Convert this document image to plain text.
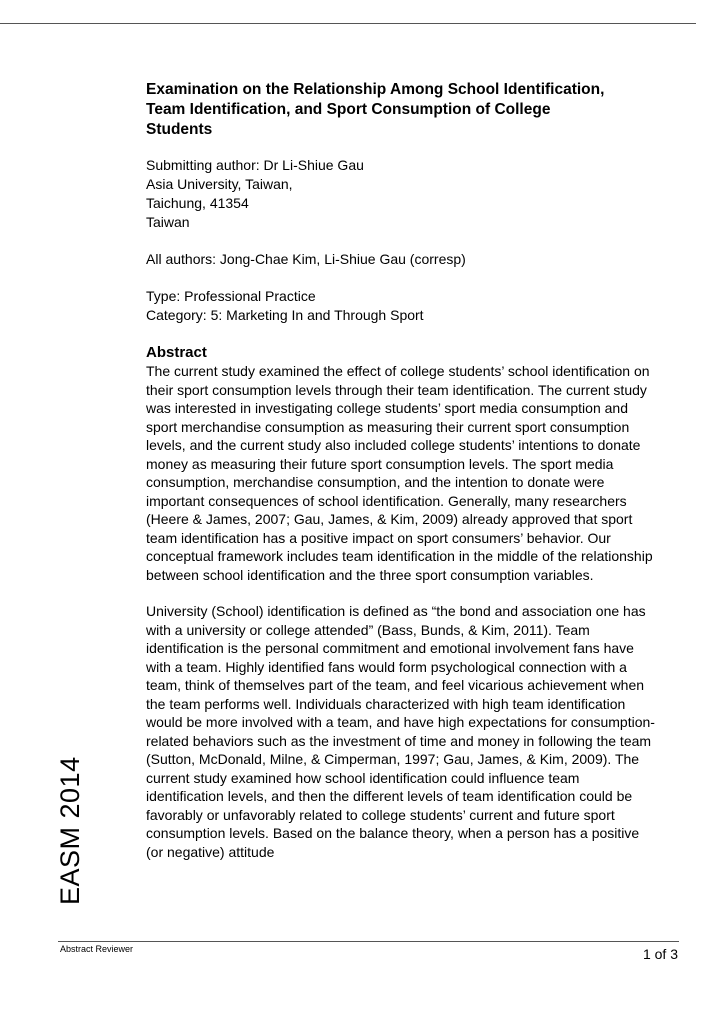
Examination on the Relationship Among School Identification,
Team Identification, and Sport Consumption of College
Students
Submitting author: Dr Li-Shiue Gau
Asia University, Taiwan,
Taichung, 41354
Taiwan
All authors: Jong-Chae Kim, Li-Shiue Gau (corresp)
Type: Professional Practice
Category: 5: Marketing In and Through Sport
Abstract

The current study examined the effect of college students’ school identification on their sport consumption levels through their team identification. The current study was interested in investigating college students’ sport media consumption and sport merchandise consumption as measuring their current sport consumption levels, and the current study also included college students’ intentions to donate money as measuring their future sport consumption levels. The sport media consumption, merchandise consumption, and the intention to donate were important consequences of school identification. Generally, many researchers (Heere & James, 2007; Gau, James, & Kim, 2009) already approved that sport team identification has a positive impact on sport consumers’ behavior. Our conceptual framework includes team identification in the middle of the relationship between school identification and the three sport consumption variables.

University (School) identification is defined as “the bond and association one has with a university or college attended” (Bass, Bunds, & Kim, 2011). Team identification is the personal commitment and emotional involvement fans have with a team. Highly identified fans would form psychological connection with a team, think of themselves part of the team, and feel vicarious achievement when the team performs well. Individuals characterized with high team identification would be more involved with a team, and have high expectations for consumption-related behaviors such as the investment of time and money in following the team (Sutton, McDonald, Milne, & Cimperman, 1997; Gau, James, & Kim, 2009). The current study examined how school identification could influence team identification levels, and then the different levels of team identification could be favorably or unfavorably related to college students’ current and future sport consumption levels. Based on the balance theory, when a person has a positive (or negative) attitude

EASM 2014
Abstract Reviewer	1 of 3
